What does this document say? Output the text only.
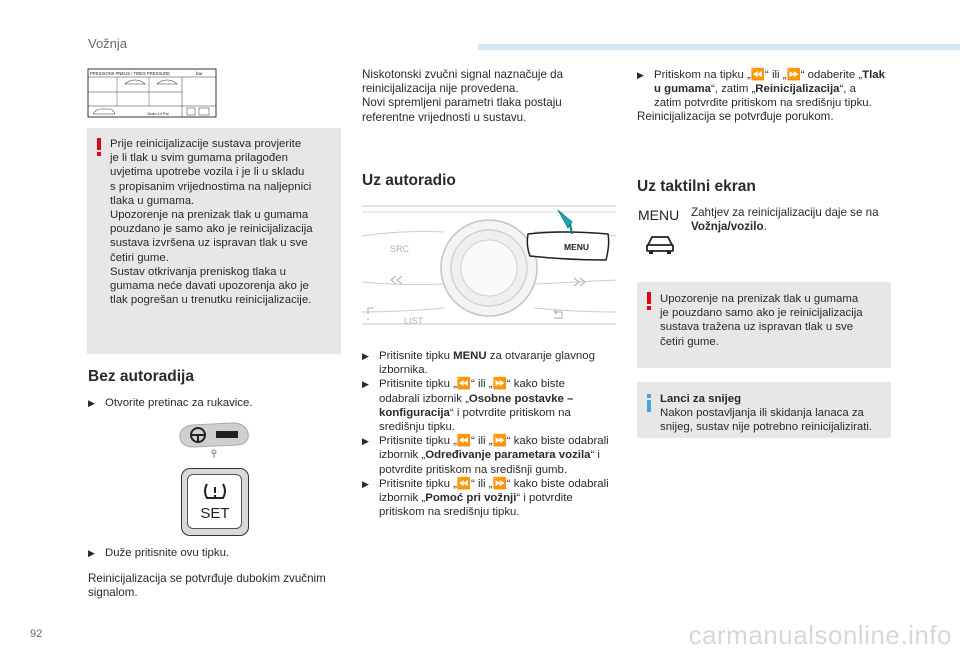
Vožnja
PRESSIONS PNEUS / TIRES PRESSURE	bar
1bar=14 Psi
Prije reinicijalizacije sustava provjerite
je li tlak u svim gumama prilagođen
uvjetima upotrebe vozila i je li u skladu
s propisanim vrijednostima na naljepnici
tlaka u gumama.
Upozorenje na prenizak tlak u gumama
pouzdano je samo ako je reinicijalizacija
sustava izvršena uz ispravan tlak u sve
četiri gume.
Sustav otkrivanja preniskog tlaka u
gumama neće davati upozorenja ako je
tlak pogrešan u trenutku reinicijalizacije.
Bez autoradija
▶ Otvorite pretinac za rukavice.
SET
▶ Duže pritisnite ovu tipku.
Reinicijalizacija se potvrđuje dubokim zvučnim
signalom.
Niskotonski zvučni signal naznačuje da
reinicijalizacija nije provedena.
Novi spremljeni parametri tlaka postaju
referentne vrijednosti u sustavu.
Uz autoradio
SRC
LIST
MENU
▶ Pritisnite tipku MENU za otvaranje glavnog
izbornika.
▶ Pritisnite tipku „⏪“ ili „⏩“ kako biste
odabrali izbornik „Osobne postavke –
konfiguracija“ i potvrdite pritiskom na
središnju tipku.
▶ Pritisnite tipku „⏪“ ili „⏩“ kako biste odabrali
izbornik „Određivanje parametara vozila“ i
potvrdite pritiskom na središnji gumb.
▶ Pritisnite tipku „⏪“ ili „⏩“ kako biste odabrali
izbornik „Pomoć pri vožnji“ i potvrdite
pritiskom na središnju tipku.
▶ Pritiskom na tipku „⏪“ ili „⏩“ odaberite „Tlak
u gumama“, zatim „Reinicijalizacija“, a
zatim potvrdite pritiskom na središnju tipku.
Reinicijalizacija se potvrđuje porukom.
Uz taktilni ekran
MENU Zahtjev za reinicijalizaciju daje se na
Vožnja/vozilo.
Upozorenje na prenizak tlak u gumama
je pouzdano samo ako je reinicijalizacija
sustava tražena uz ispravan tlak u sve
četiri gume.
Lanci za snijeg
Nakon postavljanja ili skidanja lanaca za
snijeg, sustav nije potrebno reinicijalizirati.
92	carmanualsonline.info
